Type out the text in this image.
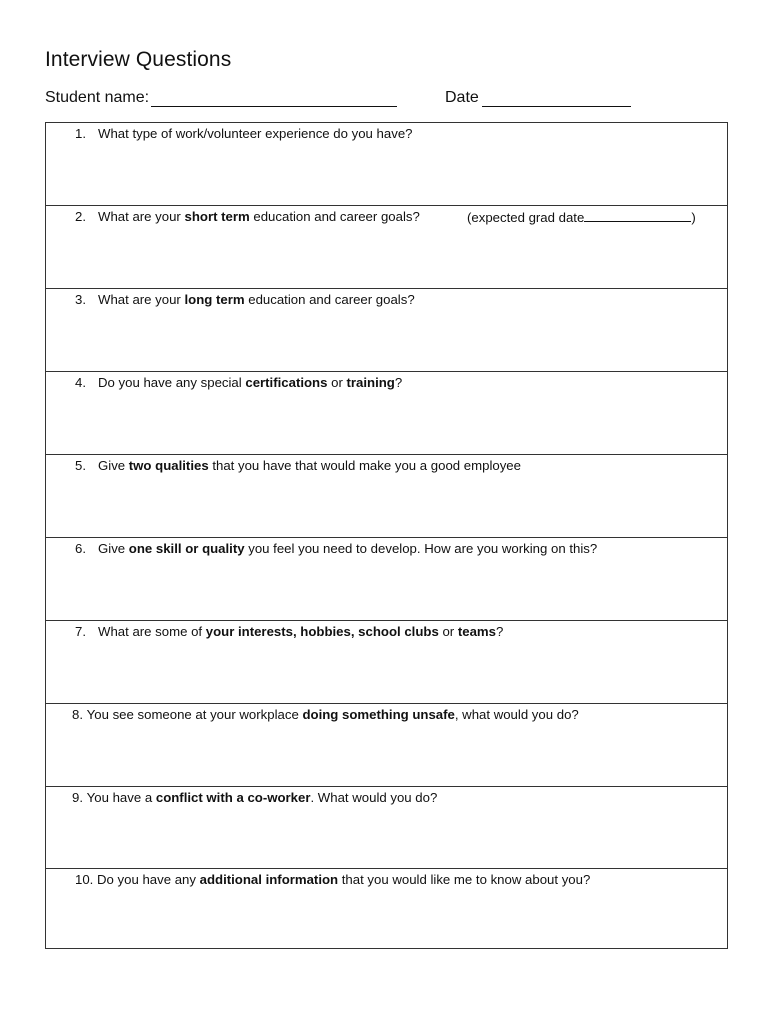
Interview Questions
Student name:	Date
1. What type of work/volunteer experience do you have?
2. What are your short term education and career goals?	(expected grad date	)
3. What are your long term education and career goals?
4. Do you have any special certifications or training?
5. Give two qualities that you have that would make you a good employee
6. Give one skill or quality you feel you need to develop. How are you working on this?
7. What are some of your interests, hobbies, school clubs or teams?
8. You see someone at your workplace doing something unsafe, what would you do?
9. You have a conflict with a co-worker. What would you do?
10. Do you have any additional information that you would like me to know about you?
